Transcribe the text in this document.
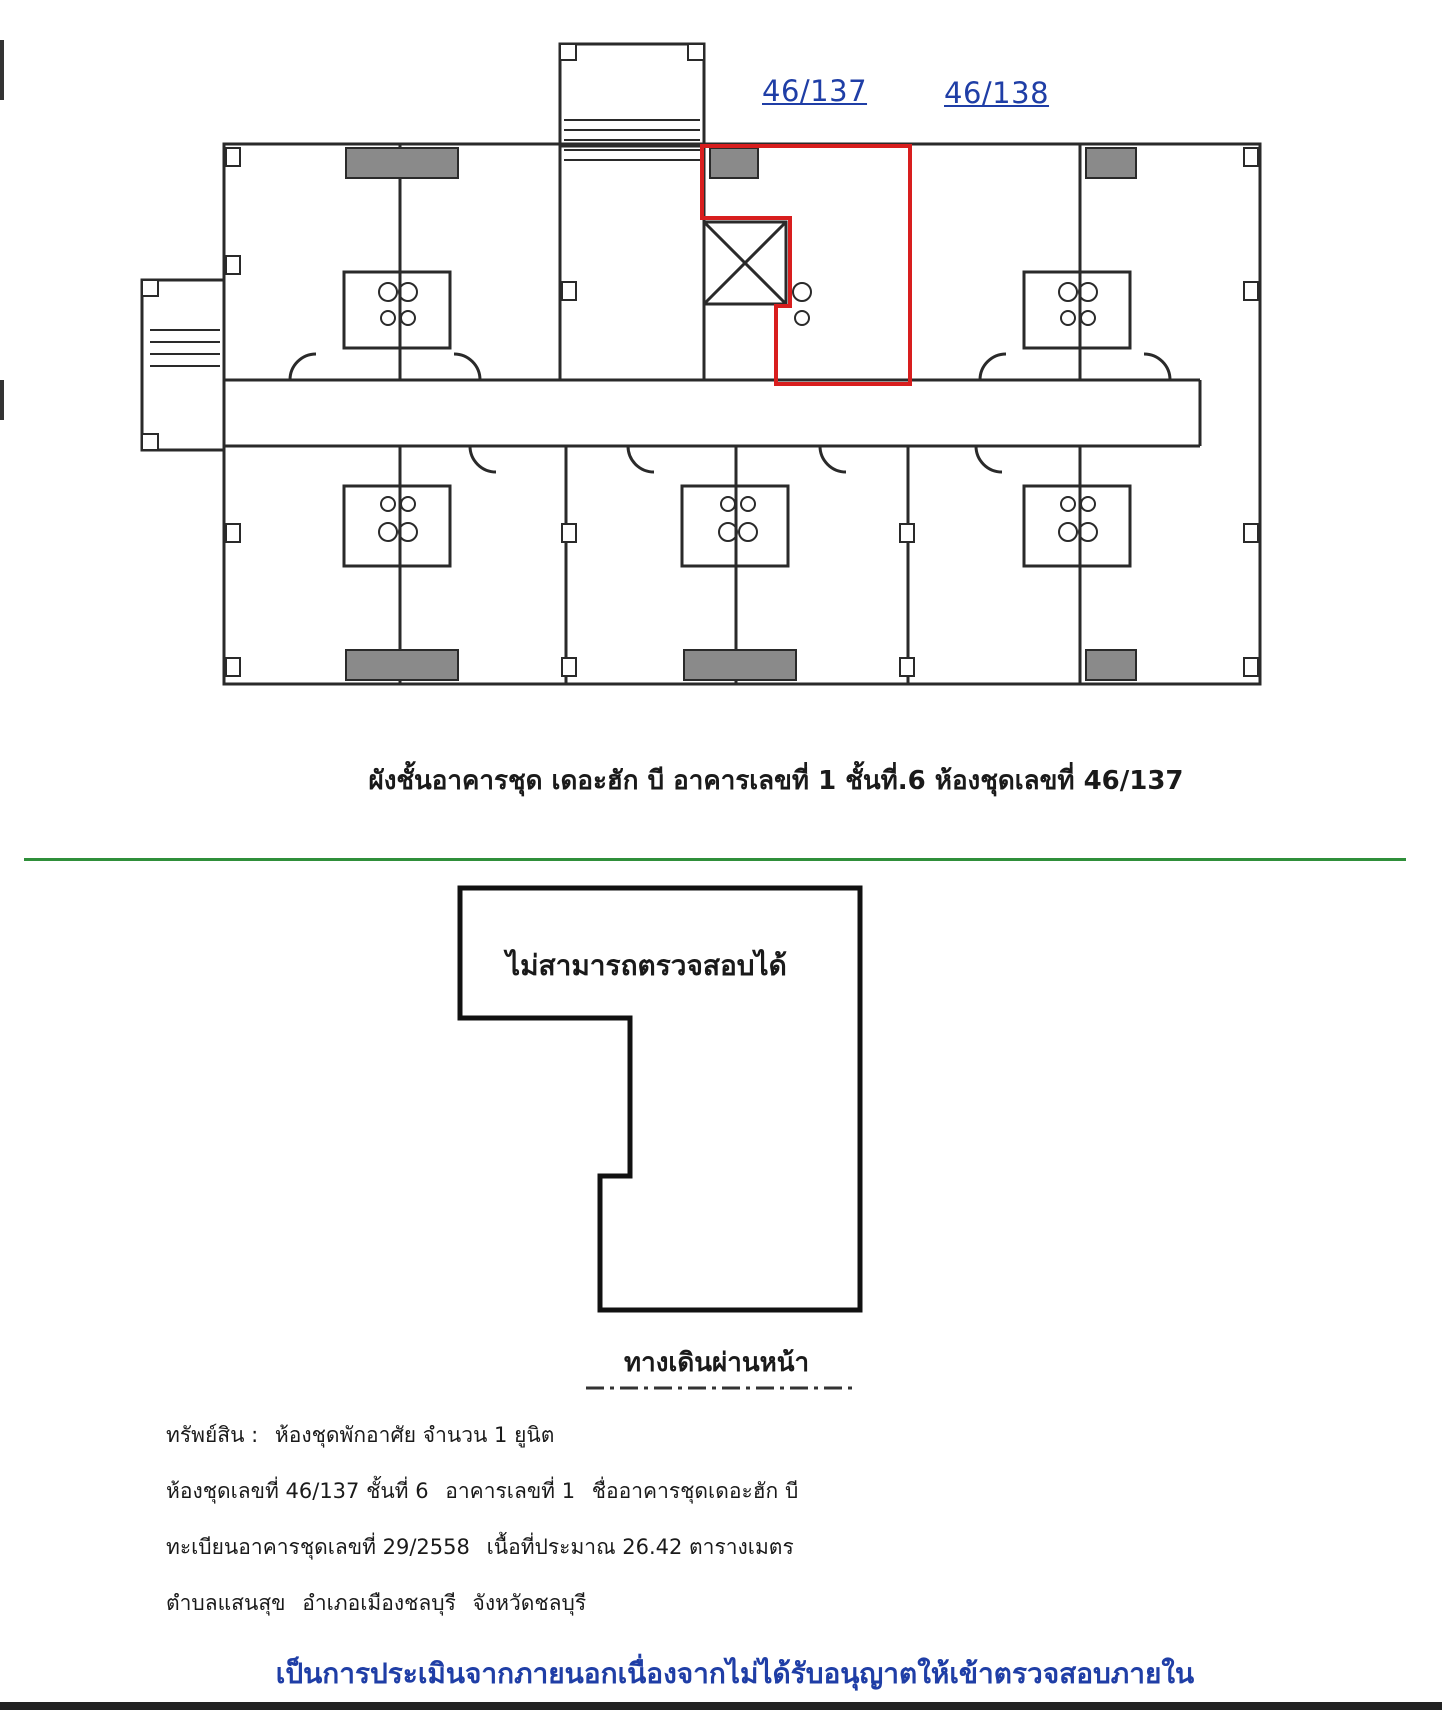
46/137	46/138
ผังชั้นอาคารชุด เดอะฮัก บี อาคารเลขที่ 1 ชั้นที่.6 ห้องชุดเลขที่ 46/137
ไม่สามารถตรวจสอบได้
ทางเดินผ่านหน้า
ทรัพย์สิน : ห้องชุดพักอาศัย จำนวน 1 ยูนิต
ห้องชุดเลขที่ 46/137 ชั้นที่ 6 อาคารเลขที่ 1 ชื่ออาคารชุดเดอะฮัก บี
ทะเบียนอาคารชุดเลขที่ 29/2558 เนื้อที่ประมาณ 26.42 ตารางเมตร
ตำบลแสนสุข อำเภอเมืองชลบุรี จังหวัดชลบุรี
เป็นการประเมินจากภายนอกเนื่องจากไม่ได้รับอนุญาตให้เข้าตรวจสอบภายใน
